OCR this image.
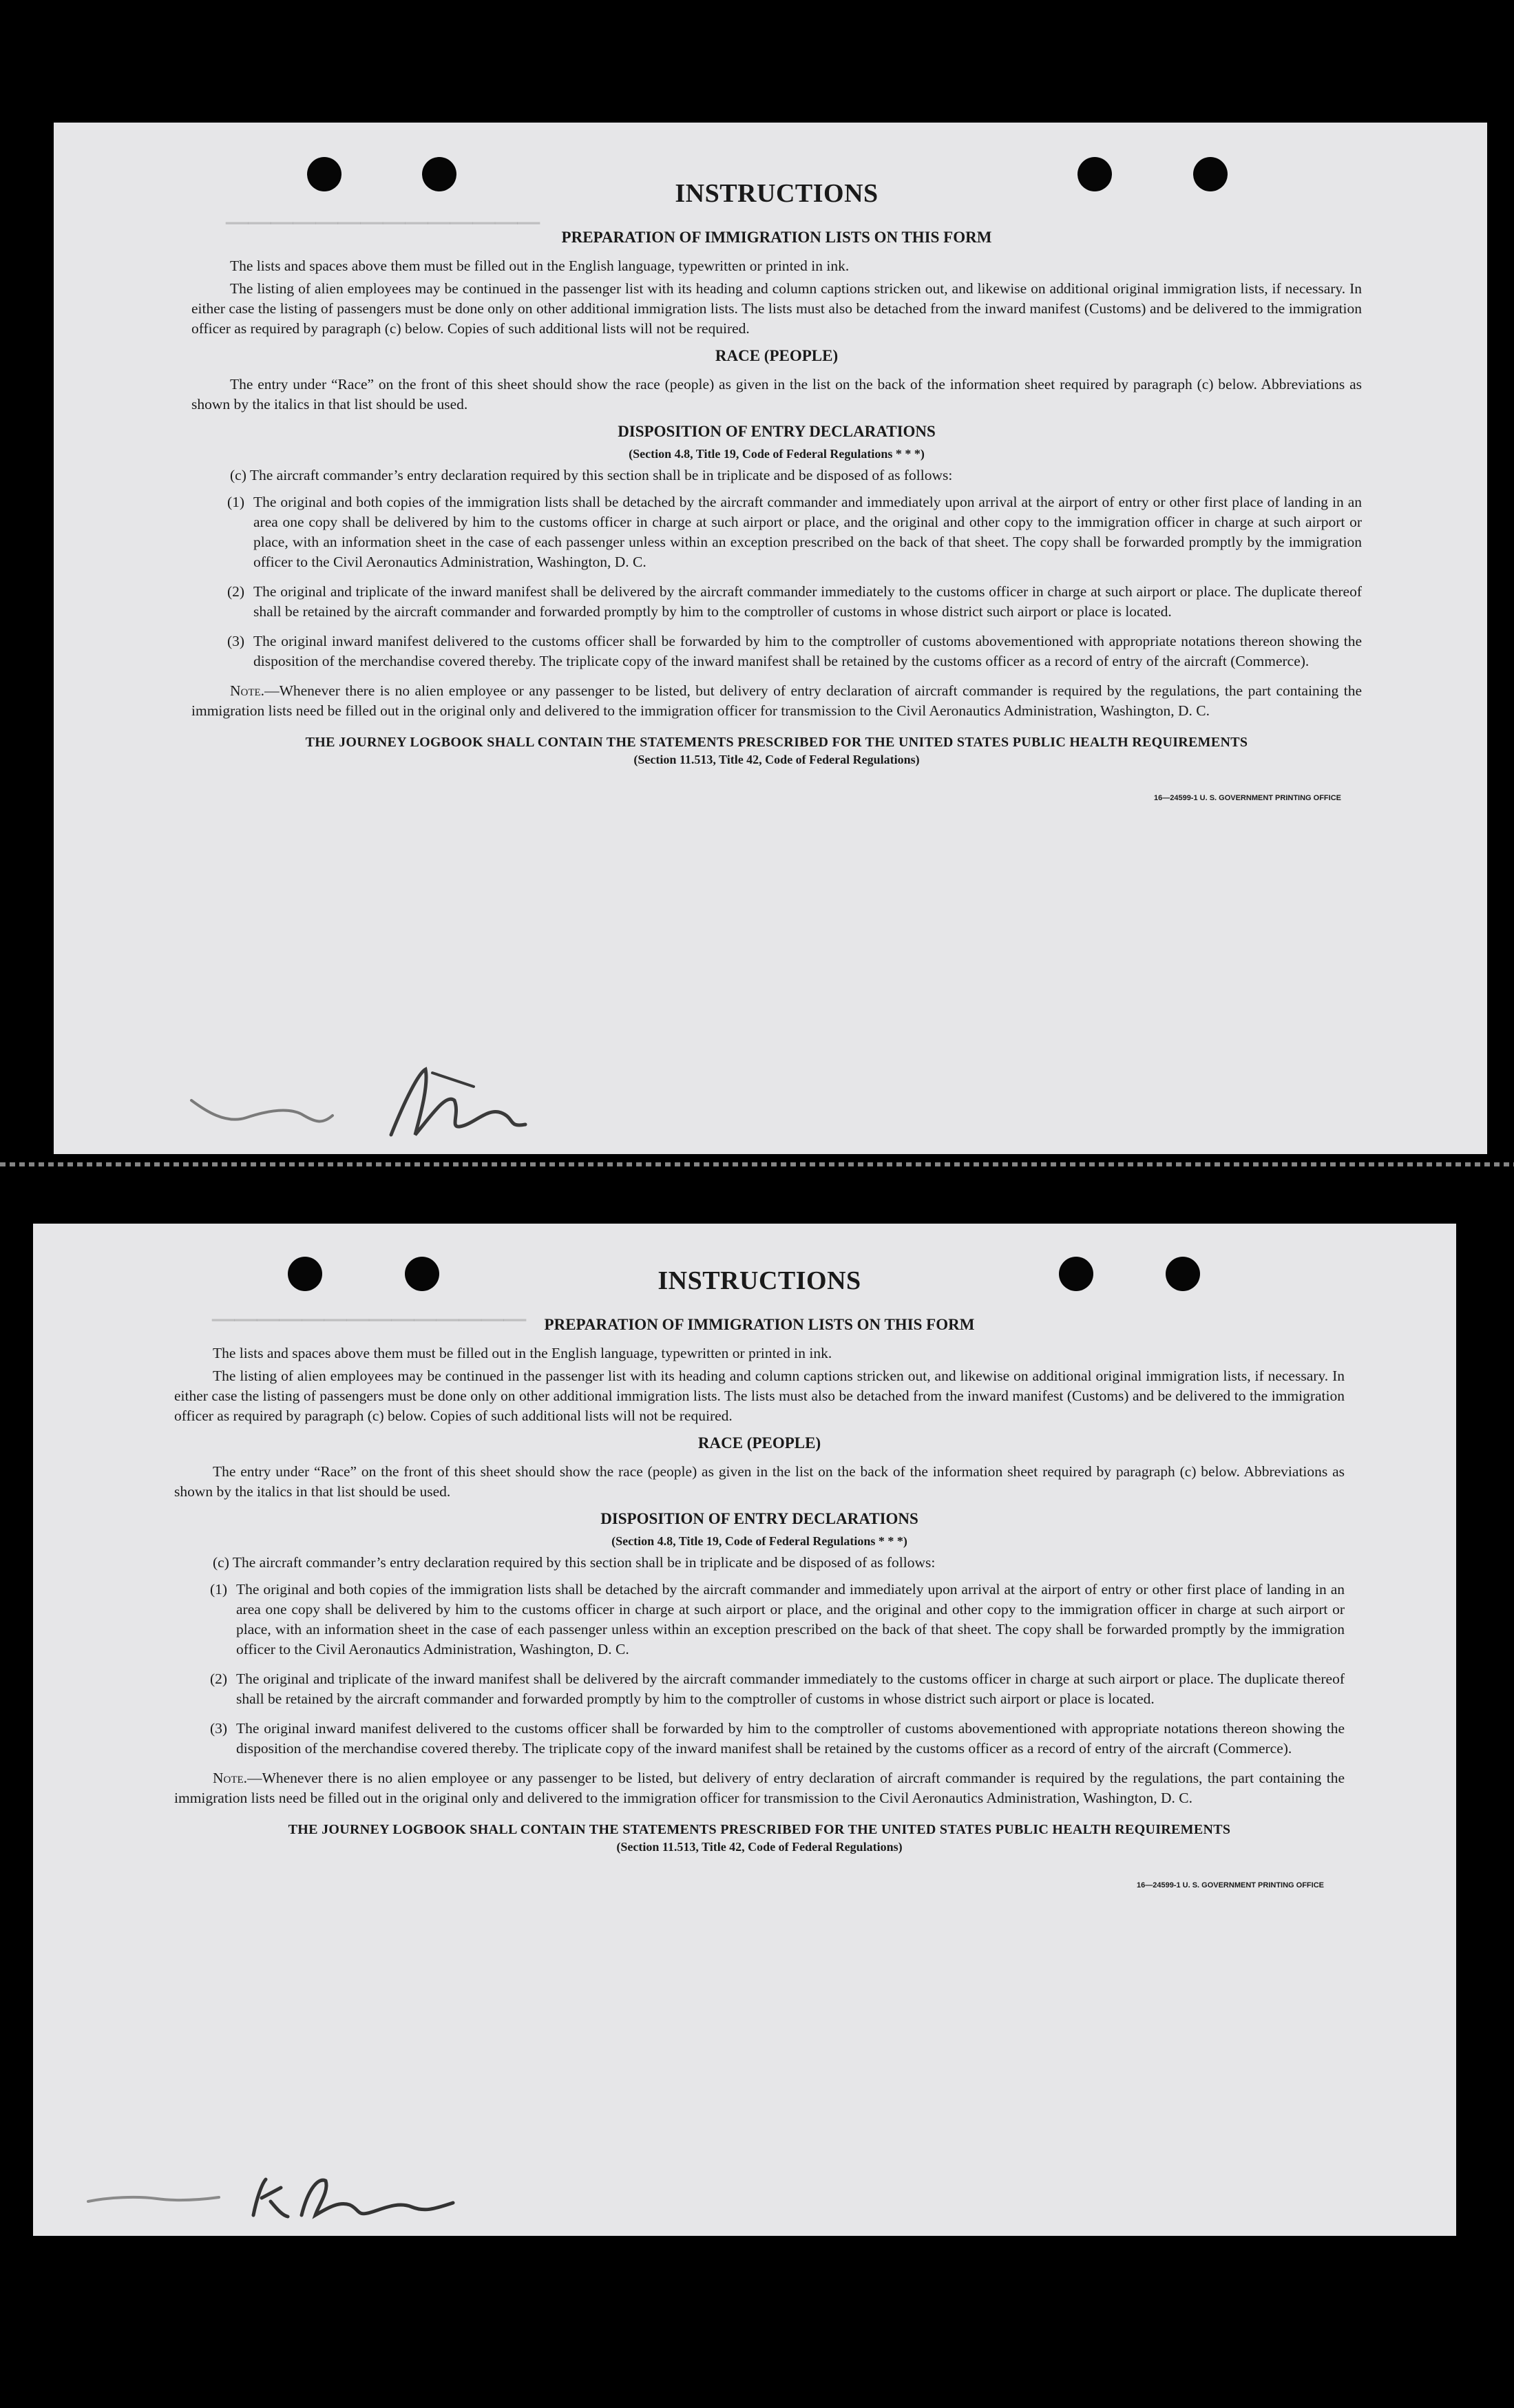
──────────────
INSTRUCTIONS
PREPARATION OF IMMIGRATION LISTS ON THIS FORM

The lists and spaces above them must be filled out in the English language, typewritten or printed in ink.

The listing of alien employees may be continued in the passenger list with its heading and column captions stricken out, and likewise on additional original immigration lists, if necessary. In either case the listing of passengers must be done only on other additional immigration lists. The lists must also be detached from the inward manifest (Customs) and be delivered to the immigration officer as required by paragraph (c) below. Copies of such additional lists will not be required.

RACE (PEOPLE)

The entry under “Race” on the front of this sheet should show the race (people) as given in the list on the back of the information sheet required by paragraph (c) below. Abbreviations as shown by the italics in that list should be used.

DISPOSITION OF ENTRY DECLARATIONS
(Section 4.8, Title 19, Code of Federal Regulations * * *)
(c) The aircraft commander’s entry declaration required by this section shall be in triplicate and be disposed of as follows:
(1) The original and both copies of the immigration lists shall be detached by the aircraft commander and immediately upon arrival at the airport of entry or other first place of landing in an area one copy shall be delivered by him to the customs officer in charge at such airport or place, and the original and other copy to the immigration officer in charge at such airport or place, with an information sheet in the case of each passenger unless within an exception prescribed on the back of that sheet. The copy shall be forwarded promptly by the immigration officer to the Civil Aeronautics Administration, Washington, D. C.
(2) The original and triplicate of the inward manifest shall be delivered by the aircraft commander immediately to the customs officer in charge at such airport or place. The duplicate thereof shall be retained by the aircraft commander and forwarded promptly by him to the comptroller of customs in whose district such airport or place is located.
(3) The original inward manifest delivered to the customs officer shall be forwarded by him to the comptroller of customs abovementioned with appropriate notations thereon showing the disposition of the merchandise covered thereby. The triplicate copy of the inward manifest shall be retained by the customs officer as a record of entry of the aircraft (Commerce).

Note.—Whenever there is no alien employee or any passenger to be listed, but delivery of entry declaration of aircraft commander is required by the regulations, the part containing the immigration lists need be filled out in the original only and delivered to the immigration officer for transmission to the Civil Aeronautics Administration, Washington, D. C.

THE JOURNEY LOGBOOK SHALL CONTAIN THE STATEMENTS PRESCRIBED FOR THE UNITED STATES PUBLIC HEALTH REQUIREMENTS
(Section 11.513, Title 42, Code of Federal Regulations)
16—24599-1 U. S. GOVERNMENT PRINTING OFFICE
──────────────
INSTRUCTIONS
PREPARATION OF IMMIGRATION LISTS ON THIS FORM

The lists and spaces above them must be filled out in the English language, typewritten or printed in ink.

The listing of alien employees may be continued in the passenger list with its heading and column captions stricken out, and likewise on additional original immigration lists, if necessary. In either case the listing of passengers must be done only on other additional immigration lists. The lists must also be detached from the inward manifest (Customs) and be delivered to the immigration officer as required by paragraph (c) below. Copies of such additional lists will not be required.

RACE (PEOPLE)

The entry under “Race” on the front of this sheet should show the race (people) as given in the list on the back of the information sheet required by paragraph (c) below. Abbreviations as shown by the italics in that list should be used.

DISPOSITION OF ENTRY DECLARATIONS
(Section 4.8, Title 19, Code of Federal Regulations * * *)
(c) The aircraft commander’s entry declaration required by this section shall be in triplicate and be disposed of as follows:
(1) The original and both copies of the immigration lists shall be detached by the aircraft commander and immediately upon arrival at the airport of entry or other first place of landing in an area one copy shall be delivered by him to the customs officer in charge at such airport or place, and the original and other copy to the immigration officer in charge at such airport or place, with an information sheet in the case of each passenger unless within an exception prescribed on the back of that sheet. The copy shall be forwarded promptly by the immigration officer to the Civil Aeronautics Administration, Washington, D. C.
(2) The original and triplicate of the inward manifest shall be delivered by the aircraft commander immediately to the customs officer in charge at such airport or place. The duplicate thereof shall be retained by the aircraft commander and forwarded promptly by him to the comptroller of customs in whose district such airport or place is located.
(3) The original inward manifest delivered to the customs officer shall be forwarded by him to the comptroller of customs abovementioned with appropriate notations thereon showing the disposition of the merchandise covered thereby. The triplicate copy of the inward manifest shall be retained by the customs officer as a record of entry of the aircraft (Commerce).

Note.—Whenever there is no alien employee or any passenger to be listed, but delivery of entry declaration of aircraft commander is required by the regulations, the part containing the immigration lists need be filled out in the original only and delivered to the immigration officer for transmission to the Civil Aeronautics Administration, Washington, D. C.

THE JOURNEY LOGBOOK SHALL CONTAIN THE STATEMENTS PRESCRIBED FOR THE UNITED STATES PUBLIC HEALTH REQUIREMENTS
(Section 11.513, Title 42, Code of Federal Regulations)
16—24599-1 U. S. GOVERNMENT PRINTING OFFICE
